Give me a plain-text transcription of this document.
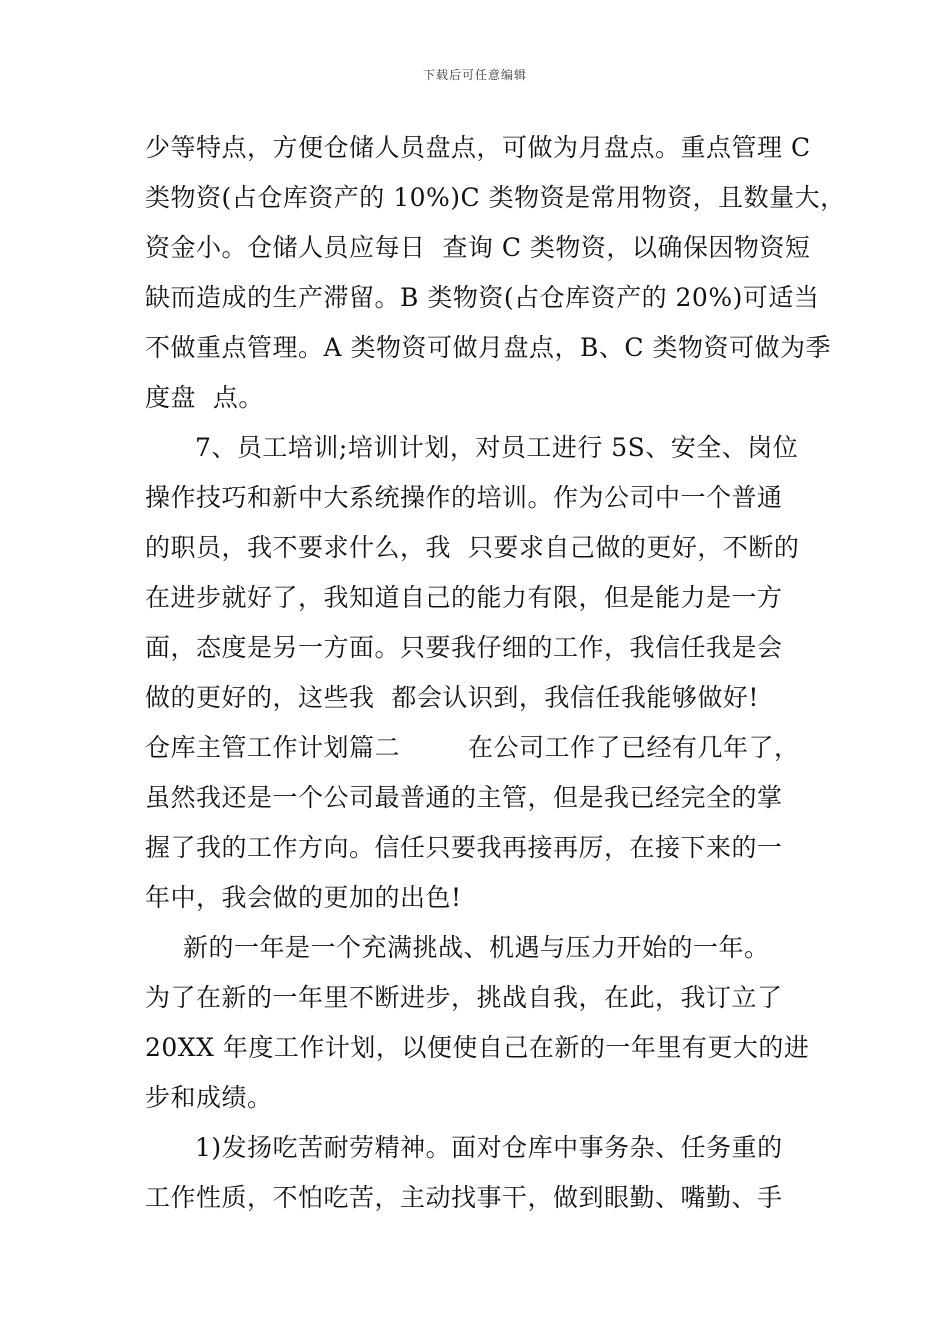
下载后可任意编辑
少等特点，方便仓储人员盘点，可做为月盘点。重点管理 C
类物资(占仓库资产的 10%)C 类物资是常用物资，且数量大，
资金小。仓储人员应每日  查询 C 类物资，以确保因物资短
缺而造成的生产滞留。B 类物资(占仓库资产的 20%)可适当
不做重点管理。A 类物资可做月盘点，B、C 类物资可做为季
度盘  点。
7、员工培训;培训计划，对员工进行 5S、安全、岗位
操作技巧和新中大系统操作的培训。作为公司中一个普通
的职员，我不要求什么，我  只要求自己做的更好，不断的
在进步就好了，我知道自己的能力有限，但是能力是一方
面，态度是另一方面。只要我仔细的工作，我信任我是会
做的更好的，这些我  都会认识到，我信任我能够做好!
仓库主管工作计划篇二	在公司工作了已经有几年了，
虽然我还是一个公司最普通的主管，但是我已经完全的掌
握了我的工作方向。信任只要我再接再厉，在接下来的一
年中，我会做的更加的出色!
新的一年是一个充满挑战、机遇与压力开始的一年。
为了在新的一年里不断进步，挑战自我，在此，我订立了
20XX 年度工作计划，以便使自己在新的一年里有更大的进
步和成绩。
1)发扬吃苦耐劳精神。面对仓库中事务杂、任务重的
工作性质，不怕吃苦，主动找事干，做到眼勤、嘴勤、手
